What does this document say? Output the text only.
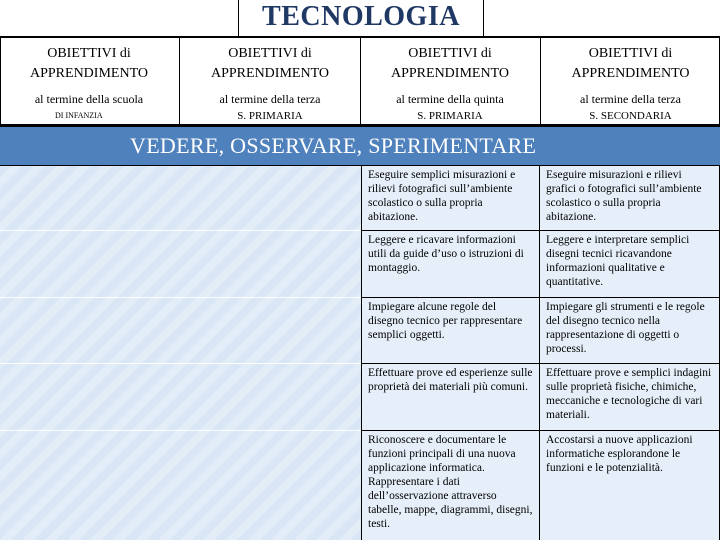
TECNOLOGIA
OBIETTIVI di APPRENDIMENTO
al termine della scuola
DI INFANZIA
OBIETTIVI di APPRENDIMENTO
al termine della terza
S. PRIMARIA
OBIETTIVI di APPRENDIMENTO
al termine della quinta
S. PRIMARIA
OBIETTIVI di APPRENDIMENTO
al termine della terza
S. SECONDARIA
VEDERE, OSSERVARE, SPERIMENTARE
Eseguire semplici misurazioni e rilievi fotografici sull’ambiente scolastico o sulla propria abitazione.
Eseguire misurazioni e rilievi grafici o fotografici sull’ambiente scolastico o sulla propria abitazione.
Leggere e ricavare informazioni utili da guide d’uso o istruzioni di montaggio.
Leggere e interpretare semplici disegni tecnici ricavandone informazioni qualitative e quantitative.
Impiegare alcune regole del disegno tecnico per rappresentare semplici oggetti.
Impiegare gli strumenti e le regole del disegno tecnico nella rappresentazione di oggetti o processi.
Effettuare prove ed esperienze sulle proprietà dei materiali più comuni.
Effettuare prove e semplici indagini sulle proprietà fisiche, chimiche, meccaniche e tecnologiche di vari materiali.
Riconoscere e documentare le funzioni principali di una nuova applicazione informatica. Rappresentare i dati dell’osservazione attraverso tabelle, mappe, diagrammi, disegni, testi.
Accostarsi a nuove applicazioni informatiche esplorandone le funzioni e le potenzialità.
